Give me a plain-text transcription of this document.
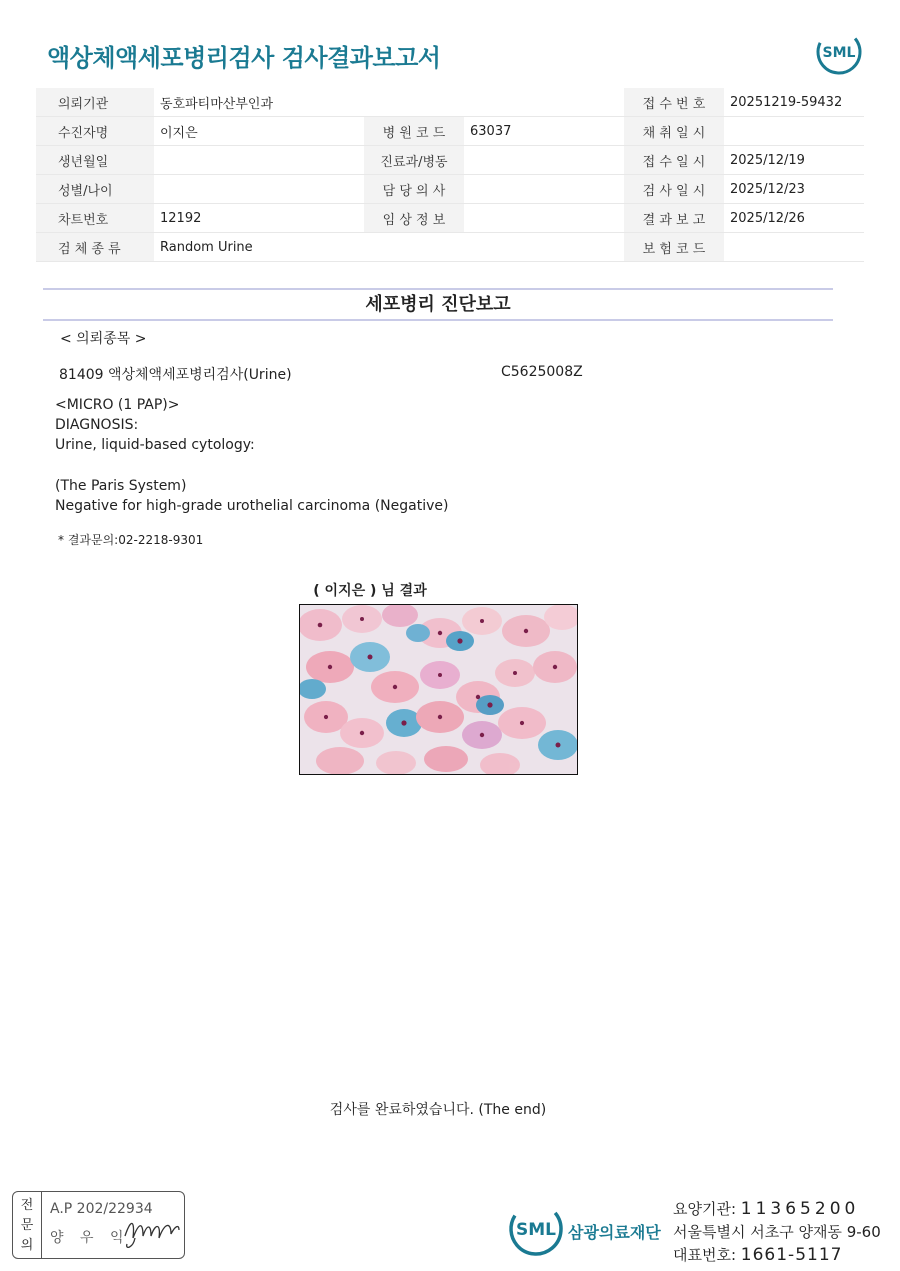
액상체액세포병리검사 검사결과보고서	SML
의뢰기관	동호파티마산부인과			접 수 번 호	20251219-59432
수진자명	이지은	병 원 코 드	63037	채 취 일 시	
생년월일		진료과/병동		접 수 일 시	2025/12/19
성별/나이		담 당 의 사		검 사 일 시	2025/12/23
차트번호	12192	임 상 정 보		결 과 보 고	2025/12/26
검 체 종 류	Random Urine			보 험 코 드	
세포병리 진단보고
< 의뢰종목 >
81409 액상체액세포병리검사(Urine)	C5625008Z
<MICRO (1 PAP)>
DIAGNOSIS:
Urine, liquid-based cytology:
(The Paris System)
Negative for high-grade urothelial carcinoma (Negative)
* 결과문의:02-2218-9301
( 이지은 ) 님 결과
검사를 완료하였습니다. (The end)
전
문
의
A.P 202/22934
양 우 익	SML 삼광의료재단
요양기관: 11365200
서울특별시 서초구 양재동 9-60
대표번호: 1661-5117
